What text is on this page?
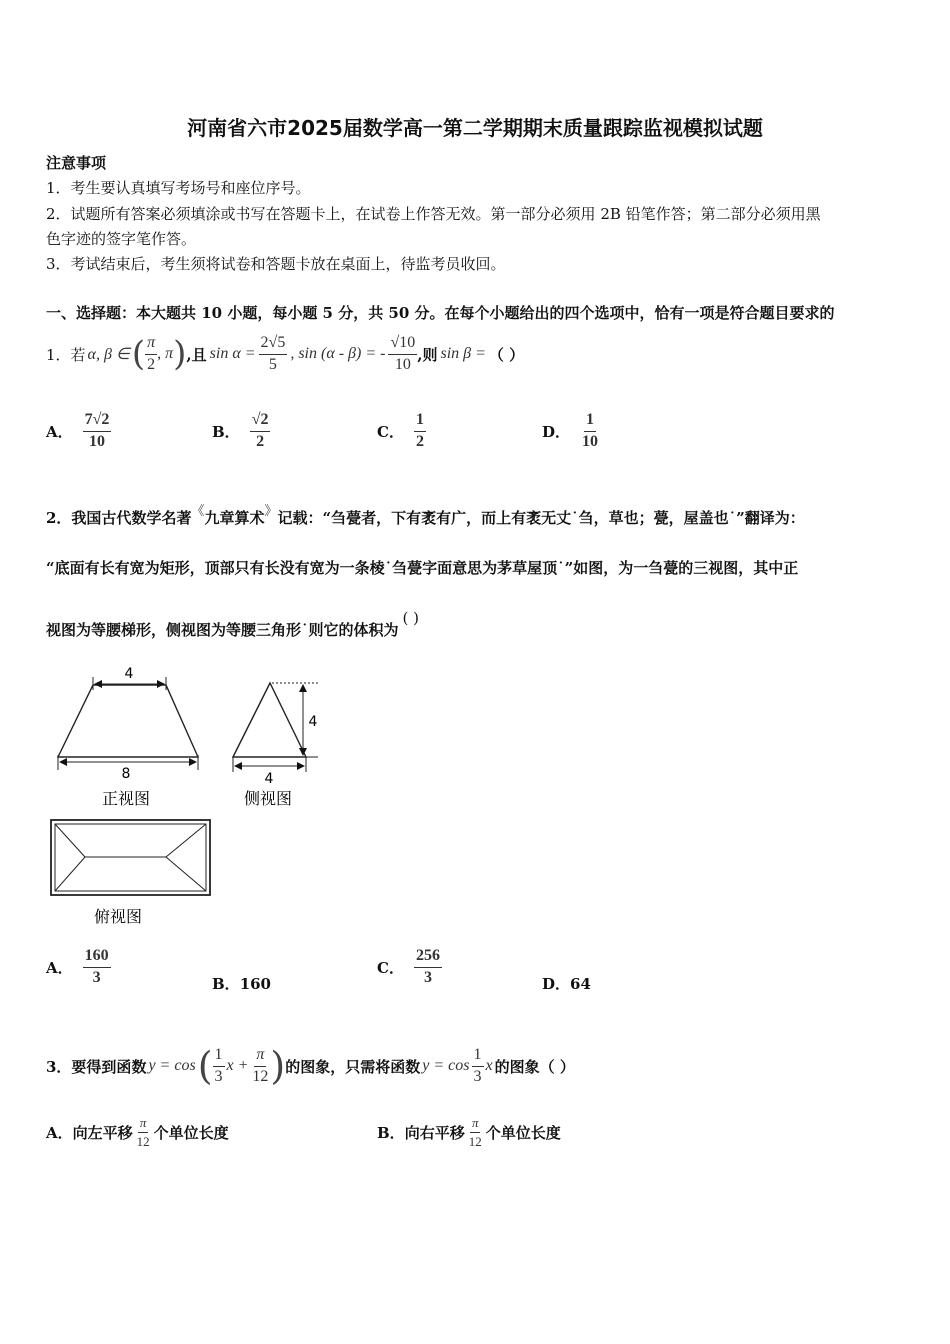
河南省六市2025届数学高一第二学期期末质量跟踪监视模拟试题
注意事项
1．考生要认真填写考场号和座位序号。
2．试题所有答案必须填涂或书写在答题卡上，在试卷上作答无效。第一部分必须用 2B 铅笔作答；第二部分必须用黑
色字迹的签字笔作答。
3．考试结束后，考生须将试卷和答题卡放在桌面上，待监考员收回。
一、选择题：本大题共 10 小题，每小题 5 分，共 50 分。在每个小题给出的四个选项中，恰有一项是符合题目要求的
1．若 α, β ∈ ( $\frac{\pi}{2}$ , π ) ,且 $\sin \alpha = \frac{2√5}{5}$ , sin (α - β) = - $\frac{√10}{10}$ ,则 sin β = （ ）
A． $\frac{7√2}{10}$	B． $\frac{√2}{2}$	C． $\frac{1}{2}$	D． $\frac{1}{10}$
2．我国古代数学名著《九章算术》记载：“刍甍者，下有袤有广，而上有袤无丈˙刍，草也；甍，屋盖也˙”翻译为：
“底面有长有宽为矩形，顶部只有长没有宽为一条棱˙刍甍字面意思为茅草屋顶˙”如图，为一刍甍的三视图，其中正
视图为等腰梯形，侧视图为等腰三角形˙则它的体积为( )
4
8
正视图
4
4
侧视图
俯视图
A． $\frac{160}{3}$	B．160
C． $\frac{256}{3}$	D．64
3．要得到函数 y = cos ( $\frac{1}{3}$ $x + \frac{\pi}{12}$ ) 的图象，只需将函数 $y = \cos \frac{1}{3}$ x 的图象（ ）
A． 向左平移 $\frac{\pi}{12}$ 个单位长度	B． 向右平移 $\frac{\pi}{12}$ 个单位长度
